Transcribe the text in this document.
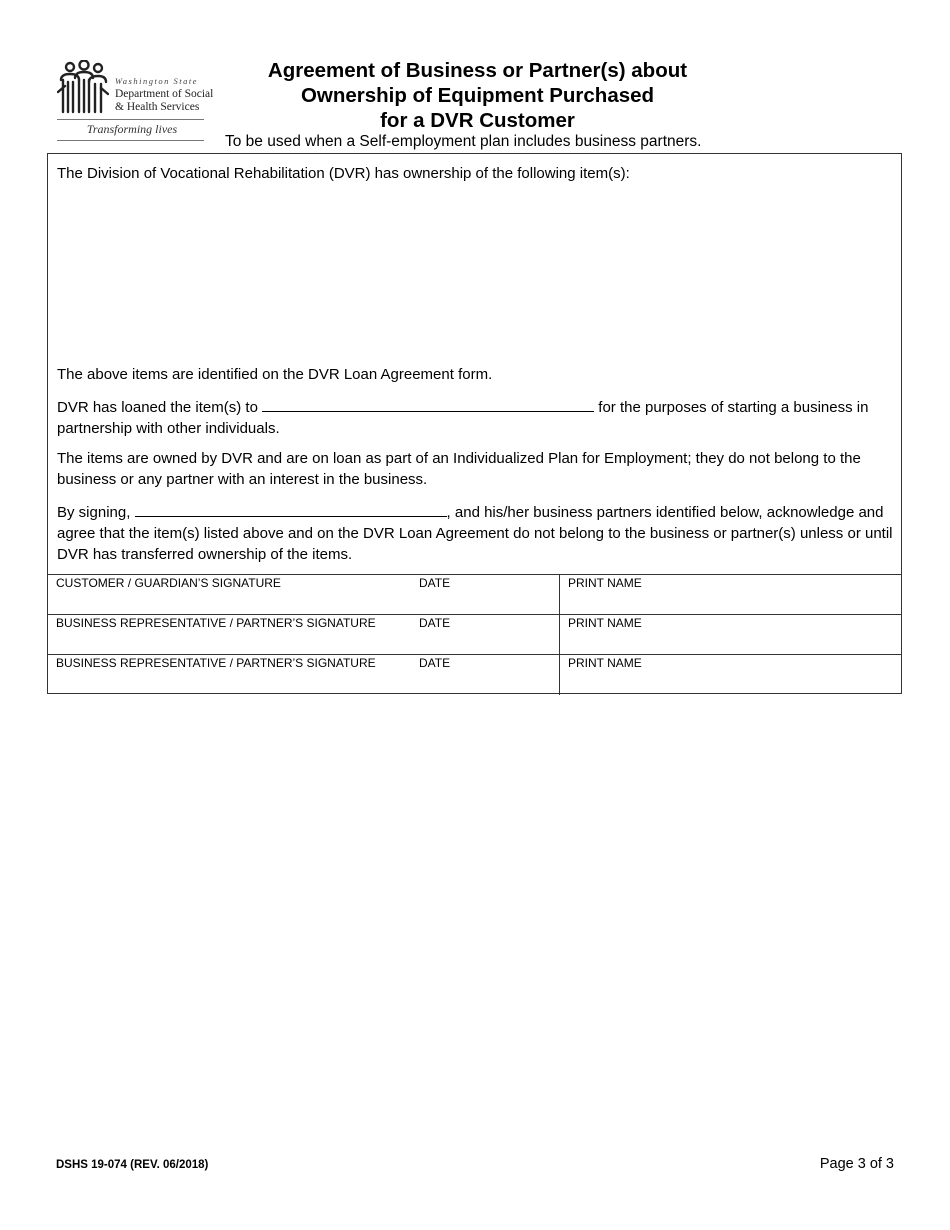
Washington State
Department of Social
& Health Services
Transforming lives
Agreement of Business or Partner(s) about
Ownership of Equipment Purchased
for a DVR Customer
To be used when a Self-employment plan includes business partners.
The Division of Vocational Rehabilitation (DVR) has ownership of the following item(s):
The above items are identified on the DVR Loan Agreement form.
DVR has loaned the item(s) to	for the purposes of starting a business in partnership with other individuals.
The items are owned by DVR and are on loan as part of an Individualized Plan for Employment; they do not belong to the business or any partner with an interest in the business.
By signing,	, and his/her business partners identified below, acknowledge and agree that the item(s) listed above and on the DVR Loan Agreement do not belong to the business or partner(s) unless or until DVR has transferred ownership of the items.
CUSTOMER / GUARDIAN’S SIGNATURE	DATE	PRINT NAME
BUSINESS REPRESENTATIVE / PARTNER’S SIGNATURE	DATE	PRINT NAME
BUSINESS REPRESENTATIVE / PARTNER’S SIGNATURE	DATE	PRINT NAME
DSHS 19-074 (REV. 06/2018)	Page 3 of 3
